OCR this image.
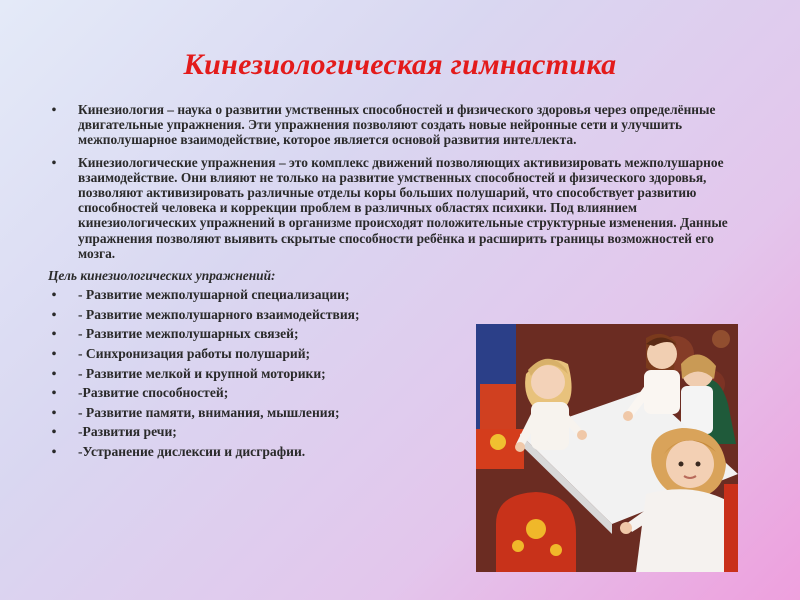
Кинезиологическая гимнастика
• Кинезиология – наука о развитии умственных способностей и физического здоровья через определённые двигательные упражнения. Эти упражнения позволяют создать новые нейронные сети и улучшить межполушарное взаимодействие, которое является основой развития интеллекта.
• Кинезиологические упражнения – это комплекс движений позволяющих активизировать межполушарное взаимодействие. Они влияют не только на развитие умственных способностей и физического здоровья, позволяют активизировать различные отделы коры больших полушарий, что способствует развитию способностей человека и коррекции проблем в различных областях психики. Под влиянием кинезиологических упражнений в организме происходят положительные структурные изменения. Данные упражнения позволяют выявить скрытые способности ребёнка и расширить границы возможностей его мозга.
Цель кинезиологических упражнений:
• - Развитие межполушарной специализации;
• - Развитие межполушарного взаимодействия;
• - Развитие межполушарных связей;
• - Синхронизация работы полушарий;
• - Развитие мелкой и крупной моторики;
• -Развитие способностей;
• - Развитие памяти, внимания, мышления;
• -Развития речи;
• -Устранение дислексии и дисграфии.
